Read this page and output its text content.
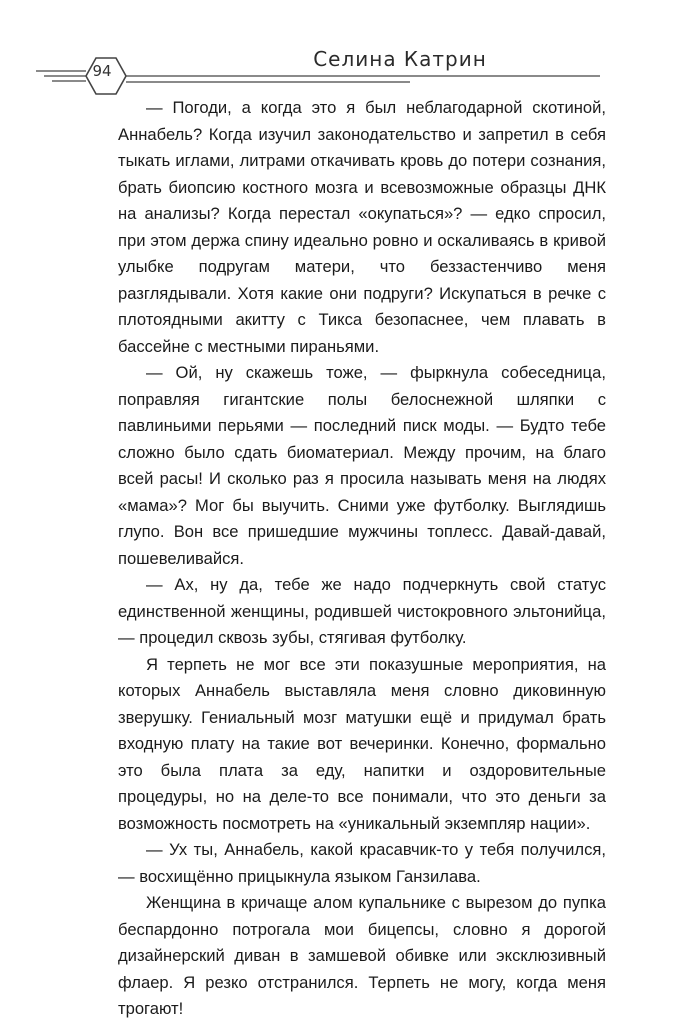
94	Селина Катрин

— Погоди, а когда это я был неблагодарной скотиной, Аннабель? Когда изучил законодательство и запретил в себя тыкать иглами, литрами откачивать кровь до потери сознания, брать биопсию костного мозга и всевозможные образцы ДНК на анализы? Когда перестал «окупаться»? — едко спросил, при этом держа спину идеально ровно и оскаливаясь в кривой улыбке подругам матери, что беззастенчиво меня разглядывали. Хотя какие они подруги? Искупаться в речке с плотоядными акитту с Тикса безопаснее, чем плавать в бассейне с местными пираньями.

— Ой, ну скажешь тоже, — фыркнула собеседница, поправляя гигантские полы белоснежной шляпки с павлиньими перьями — последний писк моды. — Будто тебе сложно было сдать биоматериал. Между прочим, на благо всей расы! И сколько раз я просила называть меня на людях «мама»? Мог бы выучить. Сними уже футболку. Выглядишь глупо. Вон все пришедшие мужчины топлесс. Давай-давай, пошевеливайся.

— Ах, ну да, тебе же надо подчеркнуть свой статус единственной женщины, родившей чистокровного эльтонийца, — процедил сквозь зубы, стягивая футболку.

Я терпеть не мог все эти показушные мероприятия, на которых Аннабель выставляла меня словно диковинную зверушку. Гениальный мозг матушки ещё и придумал брать входную плату на такие вот вечеринки. Конечно, формально это была плата за еду, напитки и оздоровительные процедуры, но на деле-то все понимали, что это деньги за возможность посмотреть на «уникальный экземпляр нации».

— Ух ты, Аннабель, какой красавчик-то у тебя получился, — восхищённо прицыкнула языком Ганзилава.

Женщина в кричаще алом купальнике с вырезом до пупка беспардонно потрогала мои бицепсы, словно я дорогой дизайнерский диван в замшевой обивке или эксклюзивный флаер. Я резко отстранился. Терпеть не могу, когда меня трогают!
